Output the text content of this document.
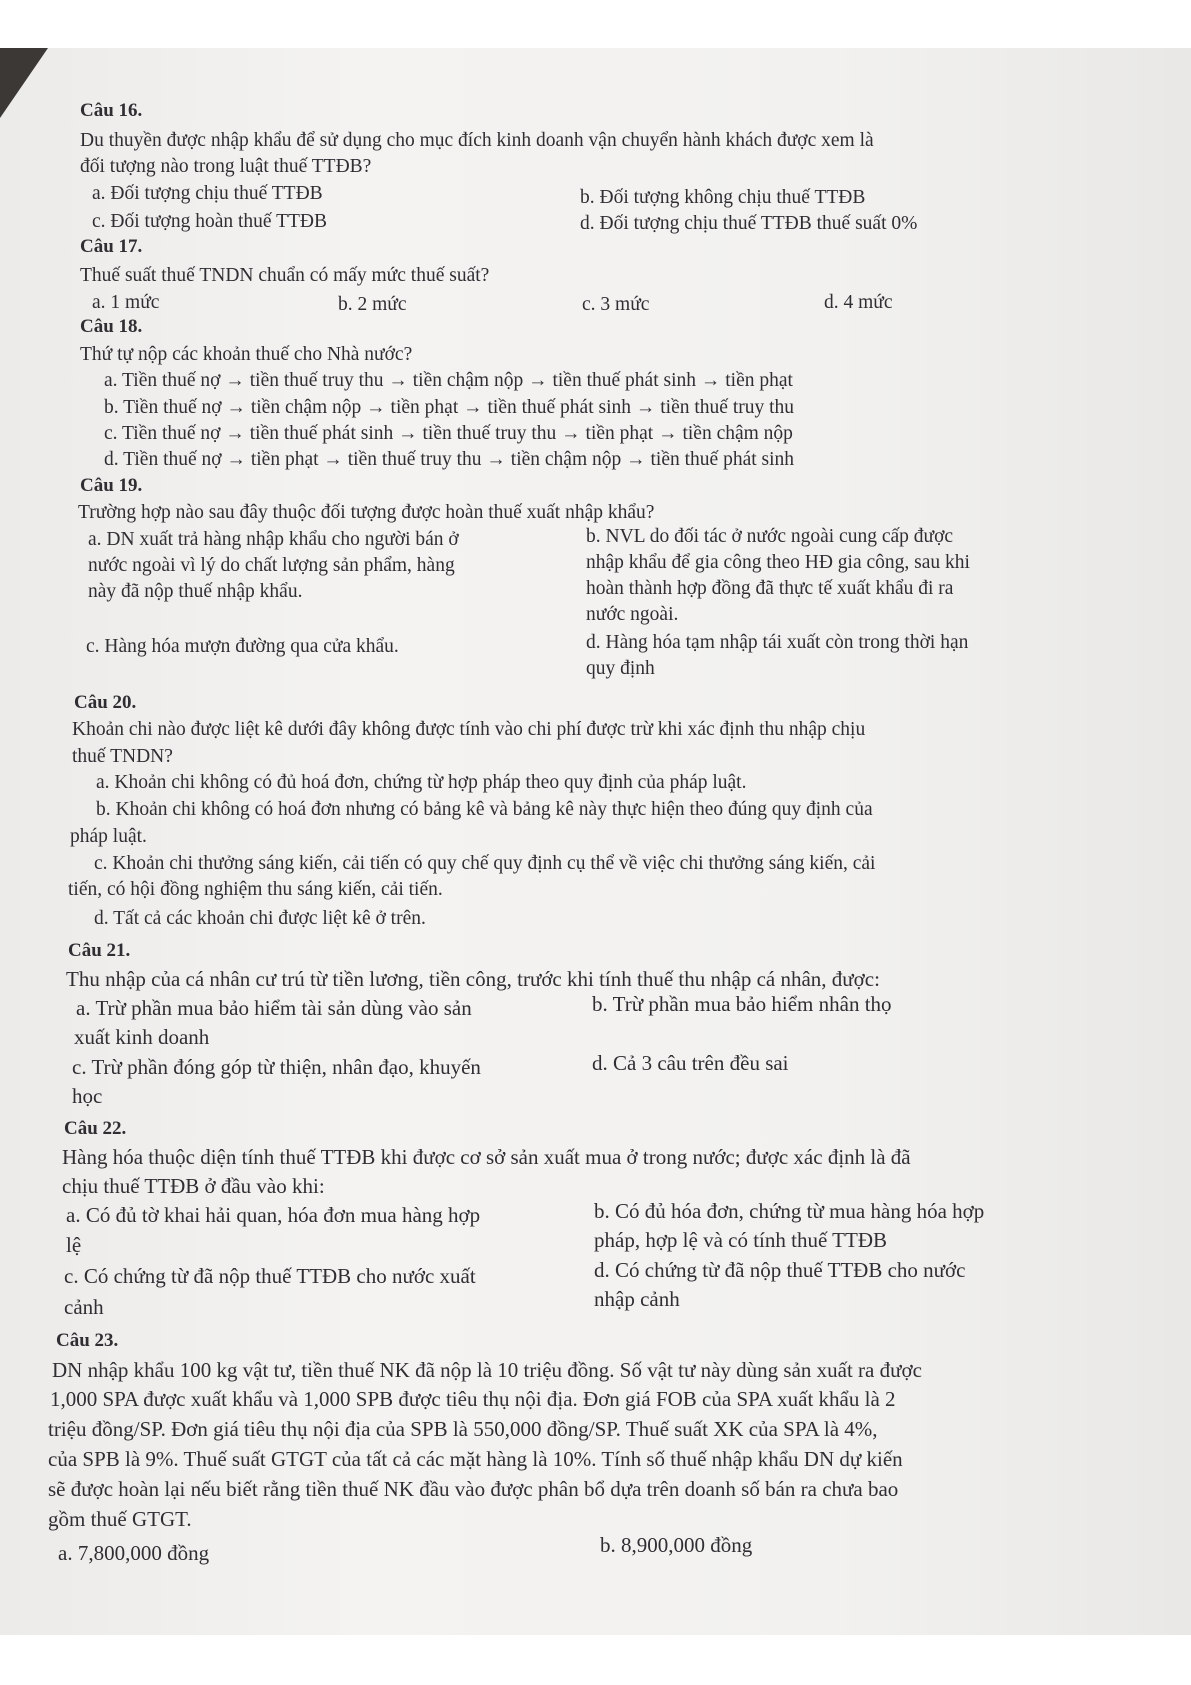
Câu 16.
Du thuyền được nhập khẩu để sử dụng cho mục đích kinh doanh vận chuyển hành khách được xem là
đối tượng nào trong luật thuế TTĐB?
a. Đối tượng chịu thuế TTĐB	b. Đối tượng không chịu thuế TTĐB
c. Đối tượng hoàn thuế TTĐB	d. Đối tượng chịu thuế TTĐB thuế suất 0%
Câu 17.
Thuế suất thuế TNDN chuẩn có mấy mức thuế suất?
a. 1 mức	b. 2 mức	c. 3 mức	d. 4 mức
Câu 18.
Thứ tự nộp các khoản thuế cho Nhà nước?
a. Tiền thuế nợ → tiền thuế truy thu → tiền chậm nộp → tiền thuế phát sinh → tiền phạt
b. Tiền thuế nợ → tiền chậm nộp → tiền phạt → tiền thuế phát sinh → tiền thuế truy thu
c. Tiền thuế nợ → tiền thuế phát sinh → tiền thuế truy thu → tiền phạt → tiền chậm nộp
d. Tiền thuế nợ → tiền phạt → tiền thuế truy thu → tiền chậm nộp → tiền thuế phát sinh
Câu 19.
Trường hợp nào sau đây thuộc đối tượng được hoàn thuế xuất nhập khẩu?
a. DN xuất trả hàng nhập khẩu cho người bán ở
nước ngoài vì lý do chất lượng sản phẩm, hàng
này đã nộp thuế nhập khẩu.
b. NVL do đối tác ở nước ngoài cung cấp được
nhập khẩu để gia công theo HĐ gia công, sau khi
hoàn thành hợp đồng đã thực tế xuất khẩu đi ra
nước ngoài.
c. Hàng hóa mượn đường qua cửa khẩu.	d. Hàng hóa tạm nhập tái xuất còn trong thời hạn
quy định
Câu 20.
Khoản chi nào được liệt kê dưới đây không được tính vào chi phí được trừ khi xác định thu nhập chịu
thuế TNDN?
a. Khoản chi không có đủ hoá đơn, chứng từ hợp pháp theo quy định của pháp luật.
b. Khoản chi không có hoá đơn nhưng có bảng kê và bảng kê này thực hiện theo đúng quy định của
pháp luật.
c. Khoản chi thưởng sáng kiến, cải tiến có quy chế quy định cụ thể về việc chi thưởng sáng kiến, cải
tiến, có hội đồng nghiệm thu sáng kiến, cải tiến.
d. Tất cả các khoản chi được liệt kê ở trên.
Câu 21.
Thu nhập của cá nhân cư trú từ tiền lương, tiền công, trước khi tính thuế thu nhập cá nhân, được:
a. Trừ phần mua bảo hiểm tài sản dùng vào sản
xuất kinh doanh
b. Trừ phần mua bảo hiểm nhân thọ
c. Trừ phần đóng góp từ thiện, nhân đạo, khuyến
học
d. Cả 3 câu trên đều sai
Câu 22.
Hàng hóa thuộc diện tính thuế TTĐB khi được cơ sở sản xuất mua ở trong nước; được xác định là đã
chịu thuế TTĐB ở đầu vào khi:
a. Có đủ tờ khai hải quan, hóa đơn mua hàng hợp
lệ
b. Có đủ hóa đơn, chứng từ mua hàng hóa hợp
pháp, hợp lệ và có tính thuế TTĐB
c. Có chứng từ đã nộp thuế TTĐB cho nước xuất
cảnh
d. Có chứng từ đã nộp thuế TTĐB cho nước
nhập cảnh
Câu 23.
DN nhập khẩu 100 kg vật tư, tiền thuế NK đã nộp là 10 triệu đồng. Số vật tư này dùng sản xuất ra được
1,000 SPA được xuất khẩu và 1,000 SPB được tiêu thụ nội địa. Đơn giá FOB của SPA xuất khẩu là 2
triệu đồng/SP. Đơn giá tiêu thụ nội địa của SPB là 550,000 đồng/SP. Thuế suất XK của SPA là 4%,
của SPB là 9%. Thuế suất GTGT của tất cả các mặt hàng là 10%. Tính số thuế nhập khẩu DN dự kiến
sẽ được hoàn lại nếu biết rằng tiền thuế NK đầu vào được phân bổ dựa trên doanh số bán ra chưa bao
gồm thuế GTGT.
a. 7,800,000 đồng	b. 8,900,000 đồng
